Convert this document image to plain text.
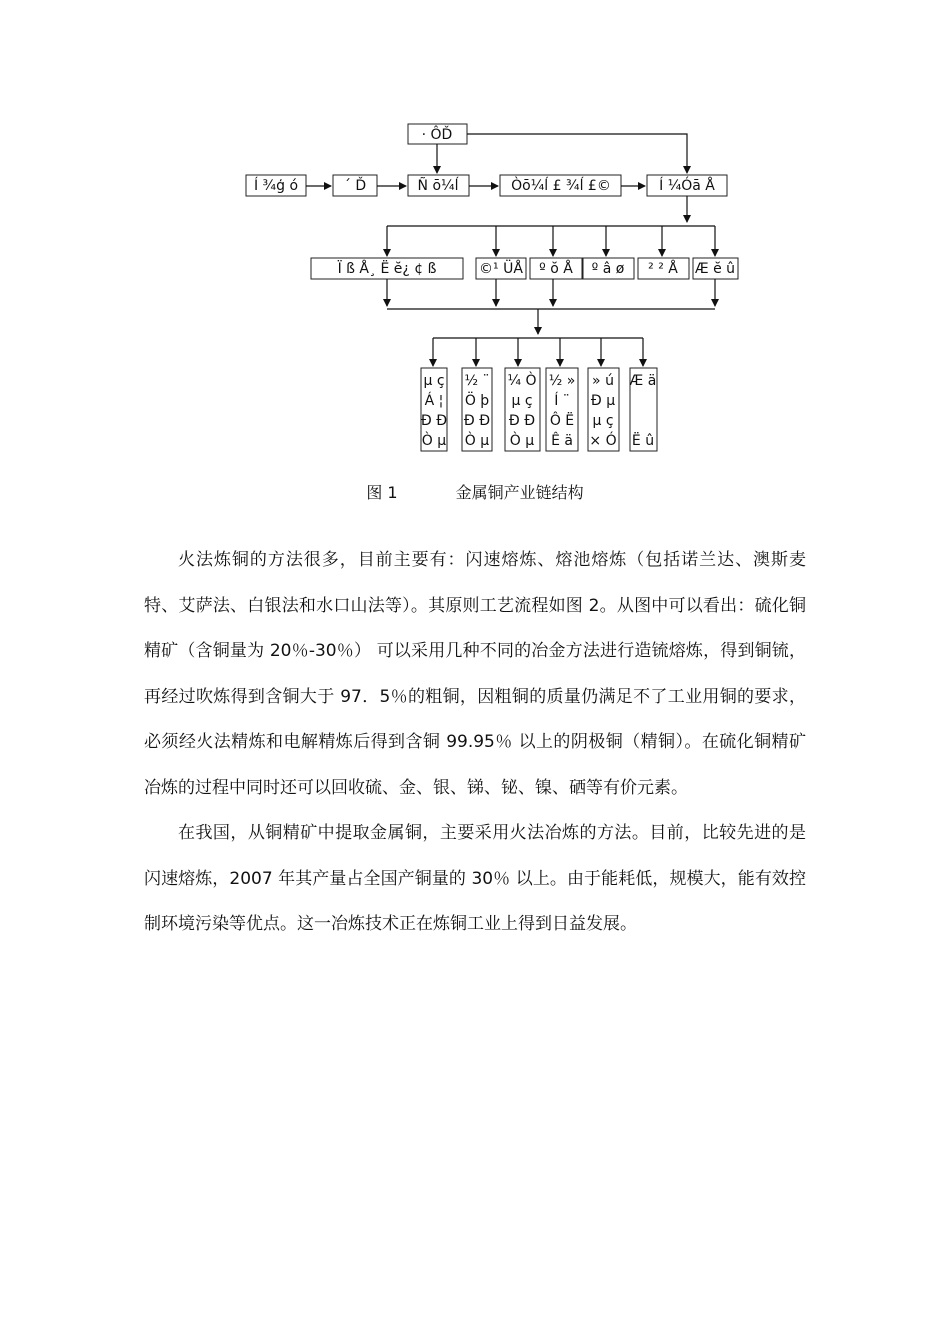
· ÔĎ
Í ¾ģ ó	´ Ď	Ñ ō¼ĺ	Òō¼ĺ £ ¾ĺ £©	Í ¼Óā Å
Ï ß Å¸ Ë ĕ¿ ¢ ß	©¹ ÜÅ º ŏ Å º â ø ² ² Å Æ ĕ û
µ ç
Á ¦
Ð Ð
Ò µ
½ ¨
Ö þ
Ð Ð
Ò µ
¼ Ò
µ ç
Ð Ð
Ò µ
½ »
Í ¨
Ô Ë
Ê ä
» ú
Ð µ
µ ç
× Ó
Æ ä
Ë û
图 1	金属铜产业链结构

火法炼铜的方法很多，目前主要有：闪速熔炼、熔池熔炼（包括诺兰达、澳斯麦特、艾萨法、白银法和水口山法等）。其原则工艺流程如图 2。从图中可以看出：硫化铜精矿（含铜量为 20％-30％） 可以采用几种不同的冶金方法进行造锍熔炼，得到铜锍，再经过吹炼得到含铜大于 97．5％的粗铜，因粗铜的质量仍满足不了工业用铜的要求，必须经火法精炼和电解精炼后得到含铜 99.95％ 以上的阴极铜（精铜）。在硫化铜精矿冶炼的过程中同时还可以回收硫、金、银、锑、铋、镍、硒等有价元素。

在我国，从铜精矿中提取金属铜，主要采用火法冶炼的方法。目前，比较先进的是闪速熔炼，2007 年其产量占全国产铜量的 30％ 以上。由于能耗低，规模大，能有效控制环境污染等优点。这一冶炼技术正在炼铜工业上得到日益发展。
